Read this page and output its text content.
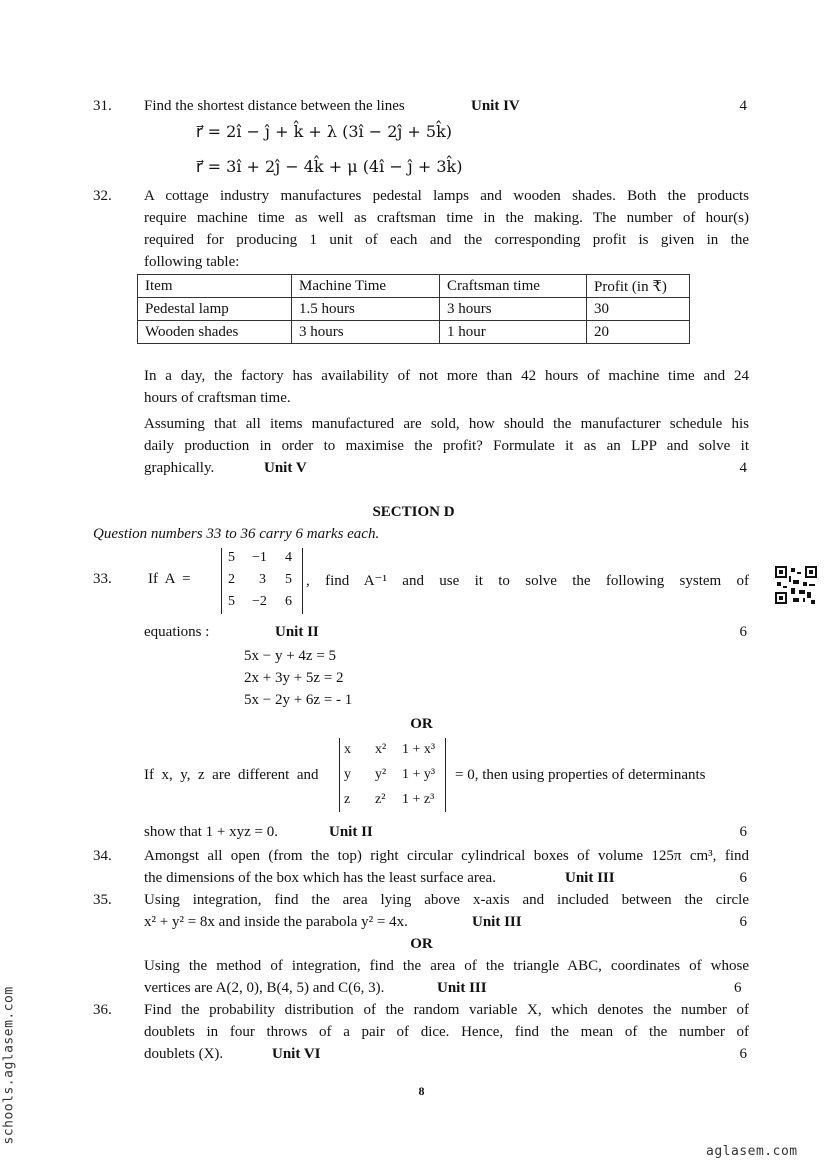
31. Find the shortest distance between the lines	Unit IV	4
r⃗ = 2î − ĵ + k̂ + λ (3î − 2ĵ + 5k̂)
r⃗ = 3î + 2ĵ − 4k̂ + μ (4î − ĵ + 3k̂)
32. A cottage industry manufactures pedestal lamps and wooden shades. Both the products
require machine time as well as craftsman time in the making. The number of hour(s)
required for producing 1 unit of each and the corresponding profit is given in the
following table:
Item	Machine Time	Craftsman time	Profit (in ₹)
Pedestal lamp	1.5 hours	3 hours	30
Wooden shades	3 hours	1 hour	20
In a day, the factory has availability of not more than 42 hours of machine time and 24
hours of craftsman time.
Assuming that all items manufactured are sold, how should the manufacturer schedule his
daily production in order to maximise the profit? Formulate it as an LPP and solve it
graphically.	Unit V	4
SECTION D
Question numbers 33 to 36 carry 6 marks each.
33. If  A  =
5 −1 4
2 3 5
5 −2 6
,  find  A⁻¹  and  use  it  to  solve  the  following  system  of
equations :	Unit II	6
5x − y + 4z = 5
2x + 3y + 5z = 2
5x − 2y + 6z = - 1
OR
If  x,  y,  z  are  different  and
x x² 1 + x³
y y² 1 + y³
z z² 1 + z³
= 0, then using properties of determinants
show that 1 + xyz = 0.	Unit II	6
34. Amongst all open (from the top) right circular cylindrical boxes of volume 125π cm³, find
the dimensions of the box which has the least surface area.	Unit III	6
35. Using integration, find the area lying above x-axis and included between the circle
x² + y² = 8x and inside the parabola y² = 4x.	Unit III	6
OR
Using the method of integration, find the area of the triangle ABC, coordinates of whose
vertices are A(2, 0), B(4, 5) and C(6, 3).	Unit III	6
36. Find the probability distribution of the random variable X, which denotes the number of
doublets in four throws of a pair of dice. Hence, find the mean of the number of
doublets (X).	Unit VI	6
8
schools.aglasem.com
aglasem.com
